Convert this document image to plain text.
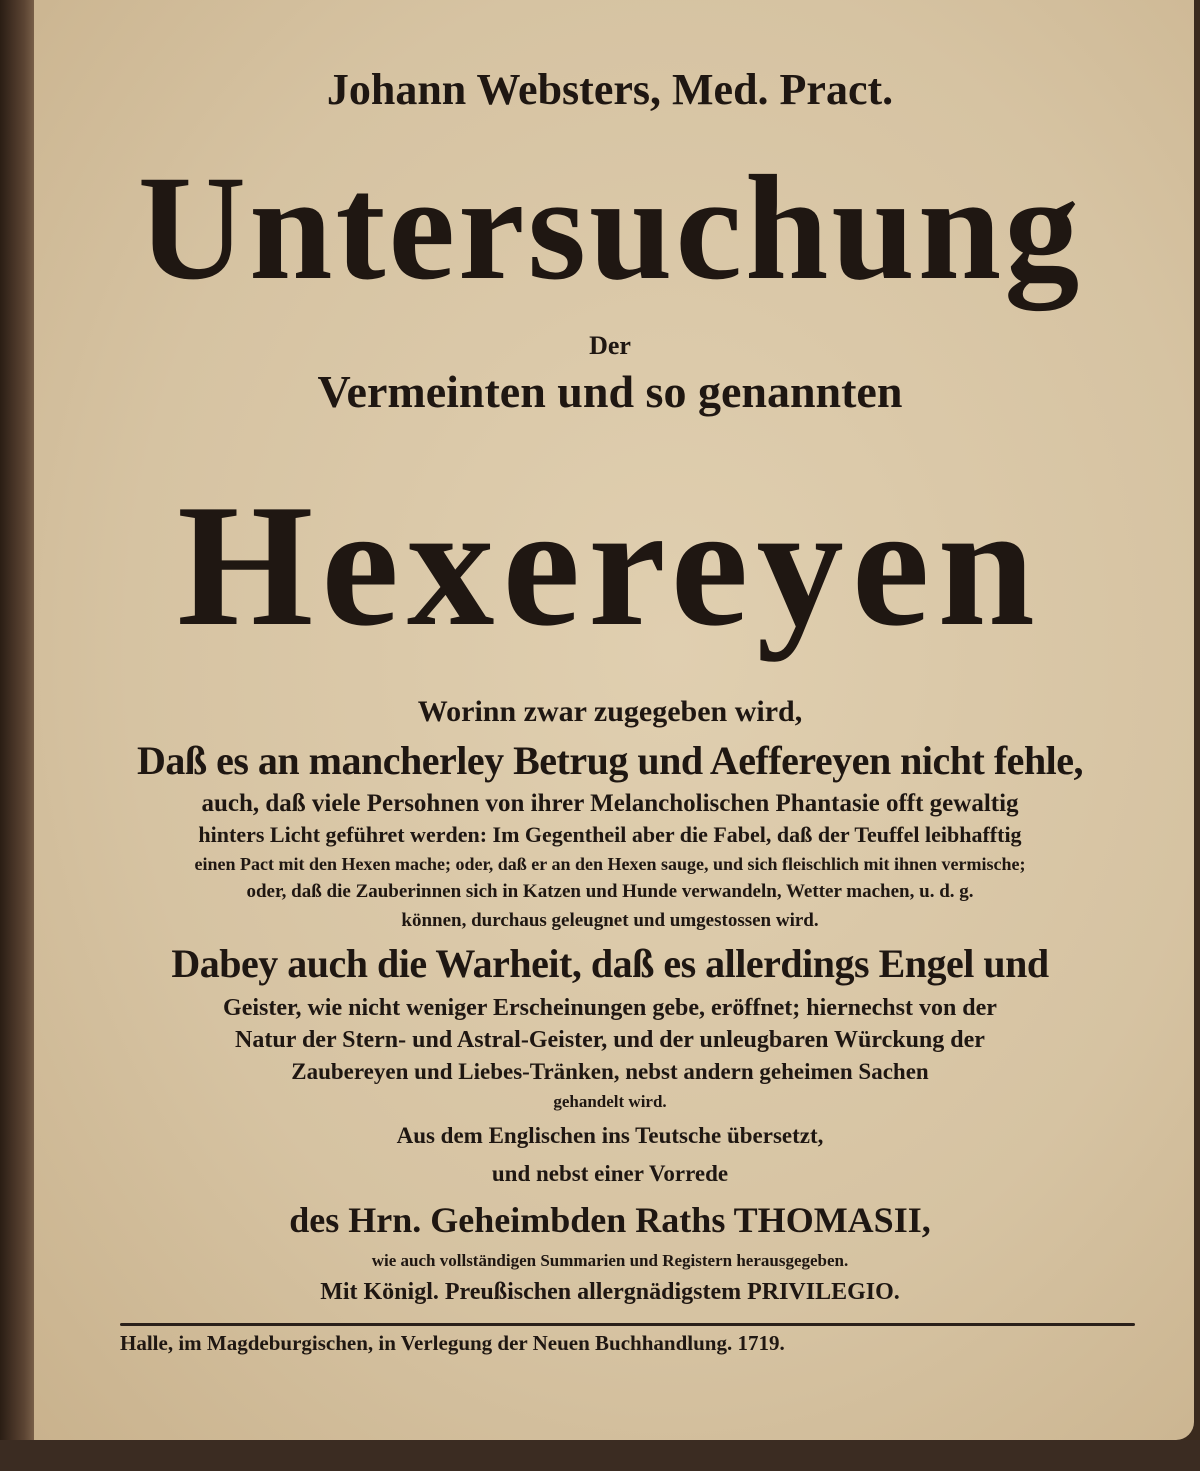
Johann Websters, Med. Pract.
Untersuchung
Der
Vermeinten und so genannten
Hexereyen
Worinn zwar zugegeben wird,
Daß es an mancherley Betrug und Aeffereyen nicht fehle,
auch, daß viele Persohnen von ihrer Melancholischen Phantasie offt gewaltig
hinters Licht geführet werden: Im Gegentheil aber die Fabel, daß der Teuffel leibhafftig
einen Pact mit den Hexen mache; oder, daß er an den Hexen sauge, und sich fleischlich mit ihnen vermische;
oder, daß die Zauberinnen sich in Katzen und Hunde verwandeln, Wetter machen, u. d. g.
können, durchaus geleugnet und umgestossen wird.
Dabey auch die Warheit, daß es allerdings Engel und
Geister, wie nicht weniger Erscheinungen gebe, eröffnet; hiernechst von der
Natur der Stern- und Astral-Geister, und der unleugbaren Würckung der
Zaubereyen und Liebes-Tränken, nebst andern geheimen Sachen
gehandelt wird.
Aus dem Englischen ins Teutsche übersetzt,
und nebst einer Vorrede
des Hrn. Geheimbden Raths THOMASII,
wie auch vollständigen Summarien und Registern herausgegeben.
Mit Königl. Preußischen allergnädigstem PRIVILEGIO.
Halle, im Magdeburgischen, in Verlegung der Neuen Buchhandlung. 1719.
